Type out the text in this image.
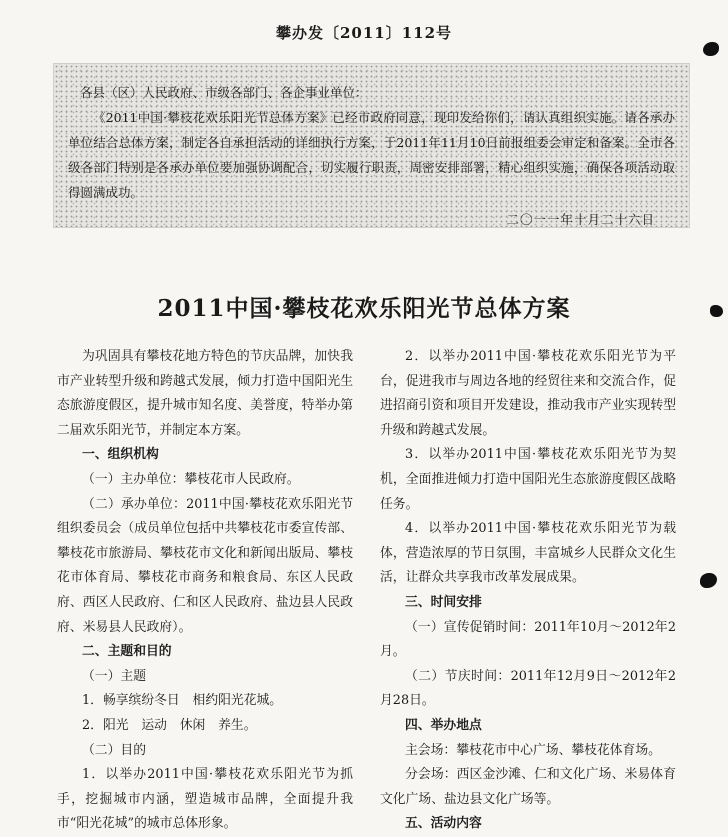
攀办发〔2011〕112号

各县（区）人民政府、市级各部门、各企事业单位：

《2011中国·攀枝花欢乐阳光节总体方案》已经市政府同意，现印发给你们，请认真组织实施。请各承办单位结合总体方案，制定各自承担活动的详细执行方案，于2011年11月10日前报组委会审定和备案。全市各级各部门特别是各承办单位要加强协调配合，切实履行职责，周密安排部署，精心组织实施，确保各项活动取得圆满成功。

二〇一一年十月二十六日

2011中国·攀枝花欢乐阳光节总体方案

为巩固具有攀枝花地方特色的节庆品牌，加快我市产业转型升级和跨越式发展，倾力打造中国阳光生态旅游度假区，提升城市知名度、美誉度，特举办第二届欢乐阳光节，并制定本方案。

一、组织机构

（一）主办单位：攀枝花市人民政府。

（二）承办单位：2011中国·攀枝花欢乐阳光节组织委员会（成员单位包括中共攀枝花市委宣传部、攀枝花市旅游局、攀枝花市文化和新闻出版局、攀枝花市体育局、攀枝花市商务和粮食局、东区人民政府、西区人民政府、仁和区人民政府、盐边县人民政府、米易县人民政府）。

二、主题和目的

（一）主题

1．畅享缤纷冬日　相约阳光花城。

2．阳光　运动　休闲　养生。

（二）目的

1．以举办2011中国·攀枝花欢乐阳光节为抓手，挖掘城市内涵，塑造城市品牌，全面提升我市“阳光花城”的城市总体形象。

2．以举办2011中国·攀枝花欢乐阳光节为平台，促进我市与周边各地的经贸往来和交流合作，促进招商引资和项目开发建设，推动我市产业实现转型升级和跨越式发展。

3．以举办2011中国·攀枝花欢乐阳光节为契机，全面推进倾力打造中国阳光生态旅游度假区战略任务。

4．以举办2011中国·攀枝花欢乐阳光节为载体，营造浓厚的节日氛围，丰富城乡人民群众文化生活，让群众共享我市改革发展成果。

三、时间安排

（一）宣传促销时间：2011年10月～2012年2月。

（二）节庆时间：2011年12月9日～2012年2月28日。

四、举办地点

主会场：攀枝花市中心广场、攀枝花体育场。

分会场：西区金沙滩、仁和文化广场、米易体育文化广场、盐边县文化广场等。

五、活动内容
